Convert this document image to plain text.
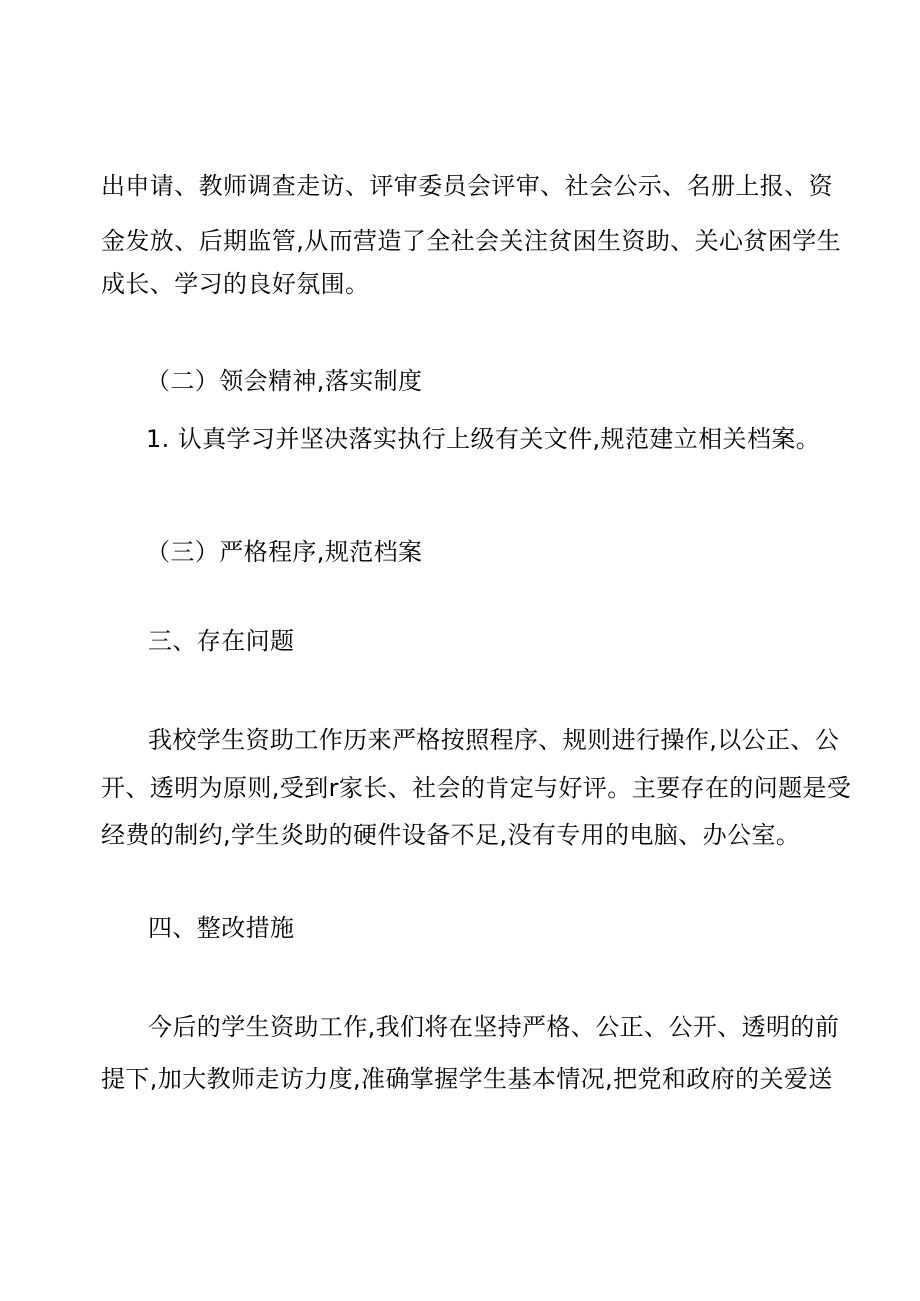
出申请、教师调查走访、评审委员会评审、社会公示、名册上报、资
金发放、后期监管,从而营造了全社会关注贫困生资助、关心贫困学生
成长、学习的良好氛围。
（二）领会精神,落实制度
1. 认真学习并坚决落实执行上级有关文件,规范建立相关档案。
（三）严格程序,规范档案
三、存在问题
我校学生资助工作历来严格按照程序、规则进行操作,以公正、公
开、透明为原则,受到r家长、社会的肯定与好评。主要存在的问题是受
经费的制约,学生炎助的硬件设备不足,没有专用的电脑、办公室。
四、整改措施
今后的学生资助工作,我们将在坚持严格、公正、公开、透明的前
提下,加大教师走访力度,准确掌握学生基本情况,把党和政府的关爱送
